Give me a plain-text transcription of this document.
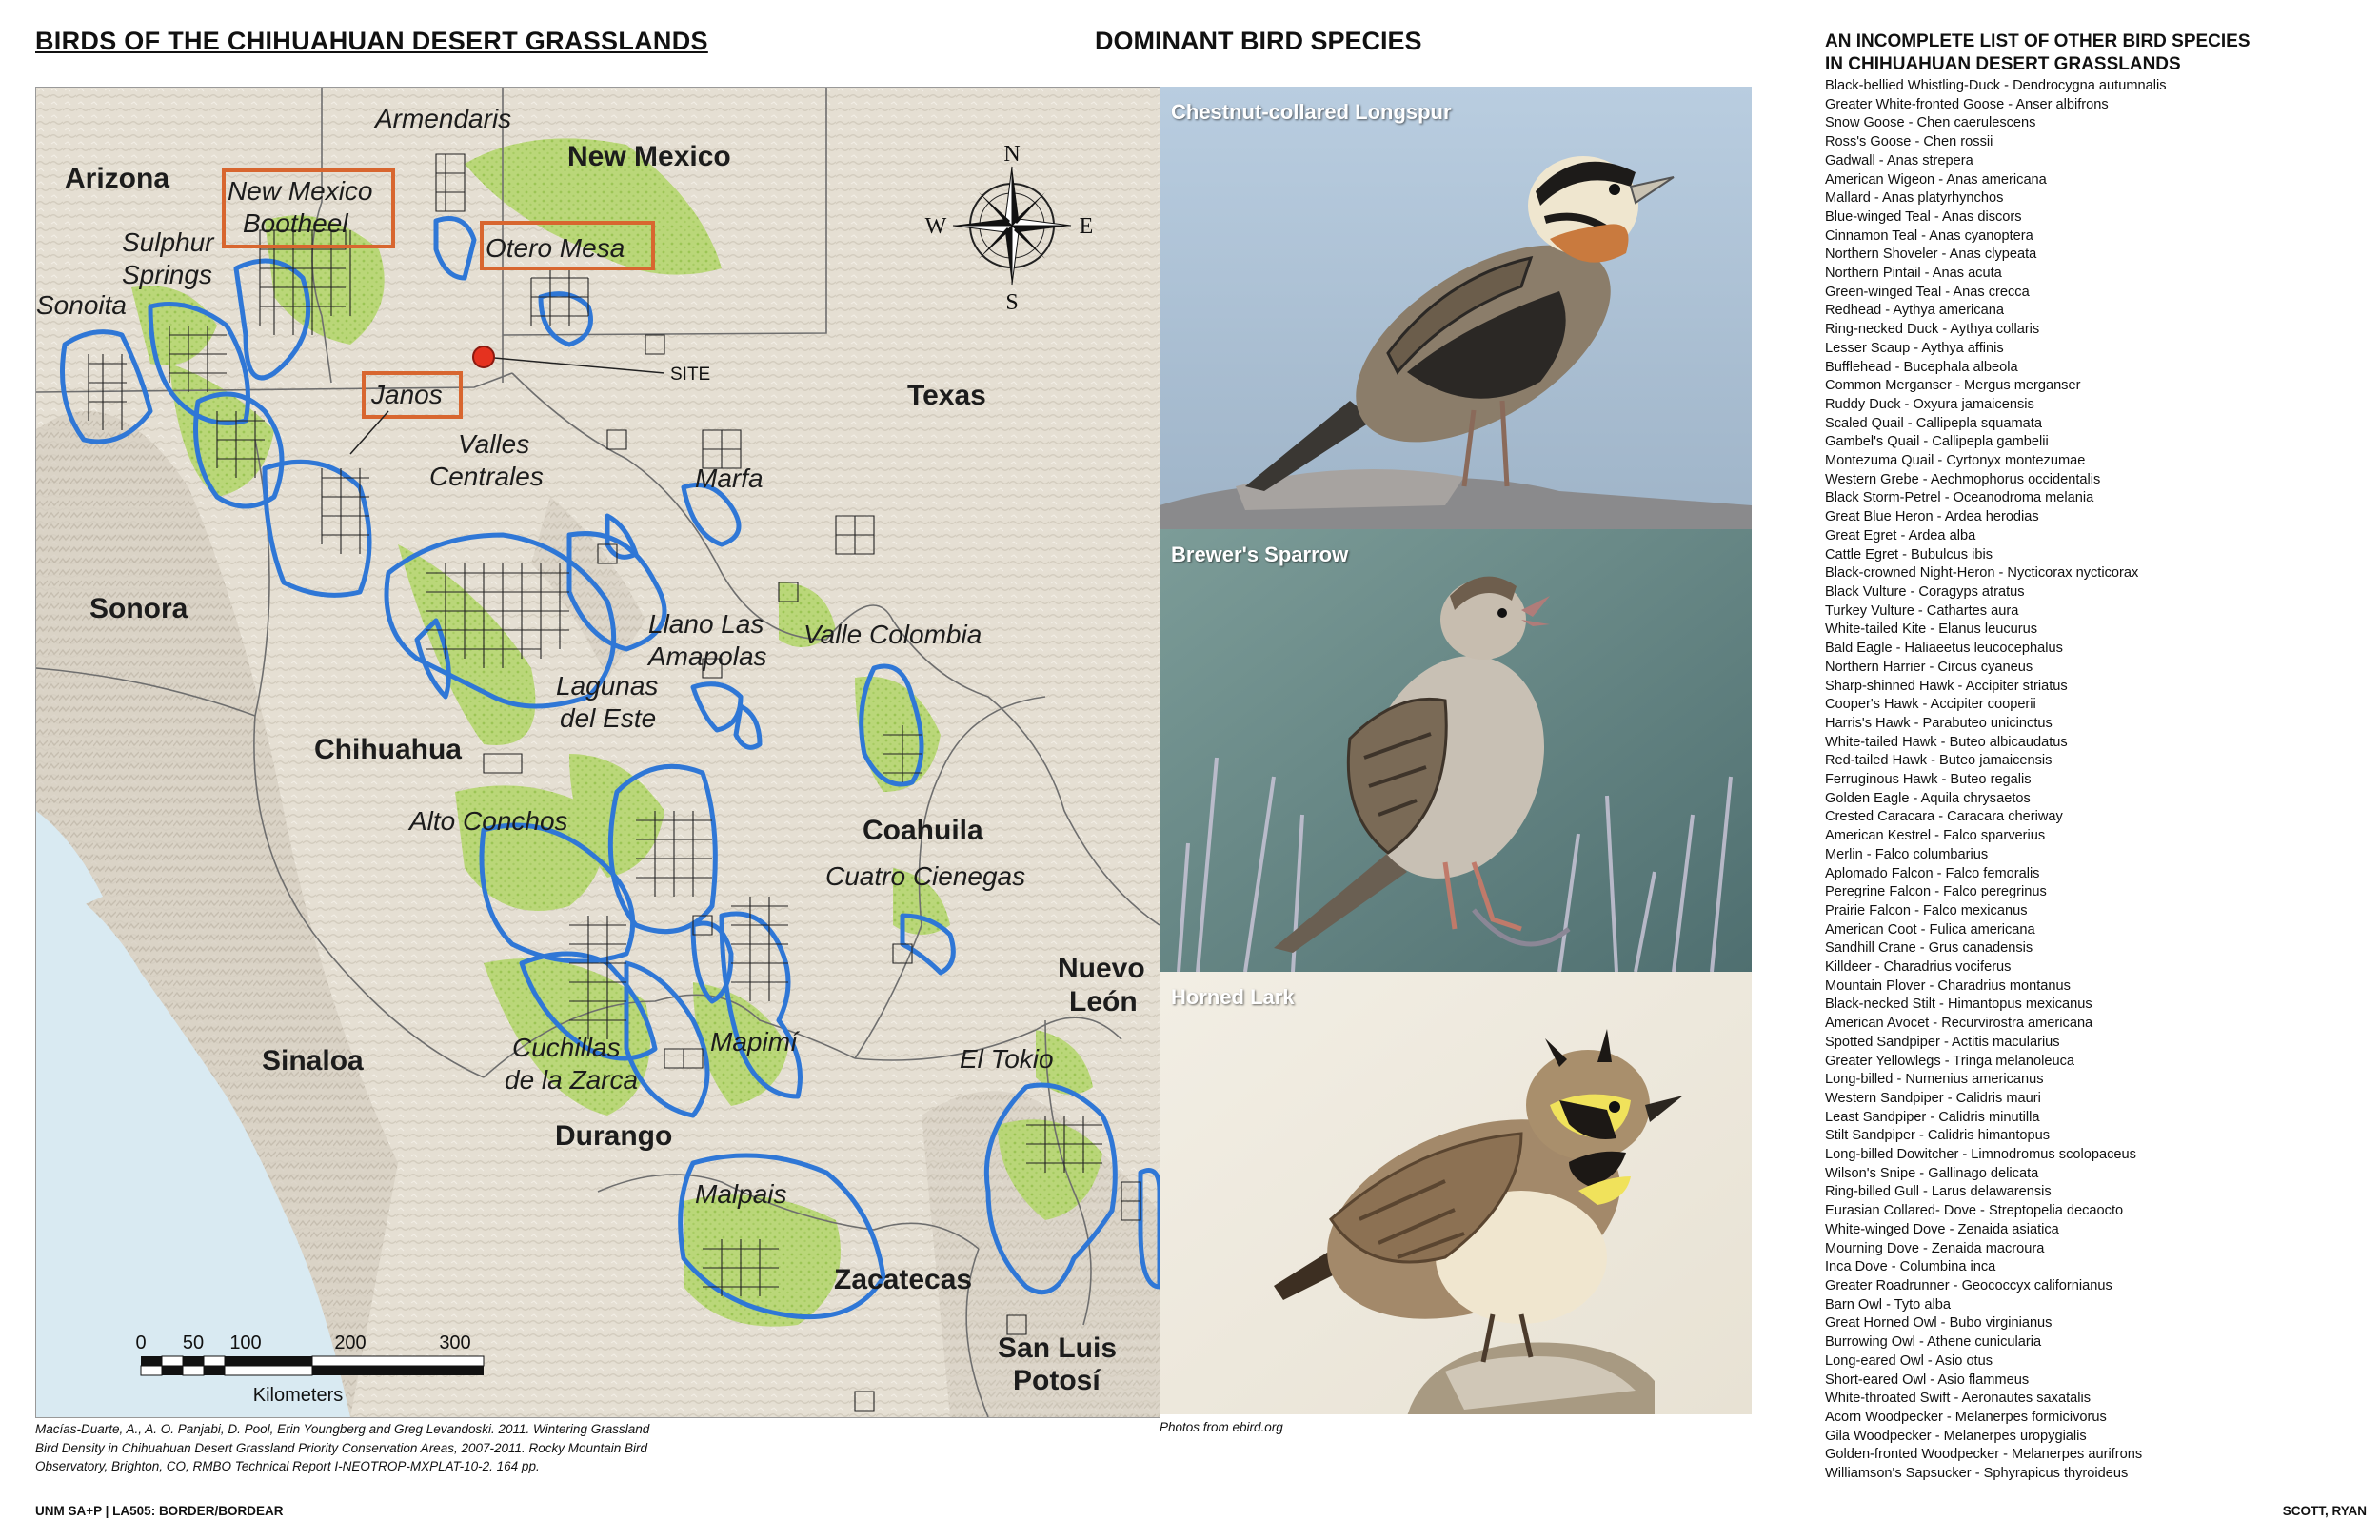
BIRDS OF THE CHIHUAHUAN DESERT GRASSLANDS	DOMINANT BIRD SPECIES
SITE
Arizona
New Mexico
Texas
Sonora
Chihuahua
Coahuila
Nuevo
León
Sinaloa
Durango
Zacatecas
San Luis
Potosí
Armendaris
New Mexico
Bootheel
Otero Mesa
Sulphur
Springs
Sonoita
Janos
Valles
Centrales	Marfa
Llano Las
Amapolas
Valle Colombia
Lagunas
del Este
Alto Conchos
Cuatro Cienegas
Cuchillas
de la Zarca
Mapimí
El Tokio
Malpais
N
S
E
W
0 50 100	200	300
Kilometers
Chestnut-collared Longspur
Brewer's Sparrow
Horned Lark
Macías-Duarte, A., A. O. Panjabi, D. Pool, Erin Youngberg and Greg Levandoski. 2011. Wintering Grassland
Bird Density in Chihuahuan Desert Grassland Priority Conservation Areas, 2007-2011. Rocky Mountain Bird
Observatory, Brighton, CO, RMBO Technical Report I-NEOTROP-MXPLAT-10-2. 164 pp.
Photos from ebird.org
AN INCOMPLETE LIST OF OTHER BIRD SPECIES
IN CHIHUAHUAN DESERT GRASSLANDS
Black-bellied Whistling-Duck - Dendrocygna autumnalis
Greater White-fronted Goose - Anser albifrons
Snow Goose - Chen caerulescens
Ross's Goose - Chen rossii
Gadwall - Anas strepera
American Wigeon - Anas americana
Mallard - Anas platyrhynchos
Blue-winged Teal - Anas discors
Cinnamon Teal - Anas cyanoptera
Northern Shoveler - Anas clypeata
Northern Pintail - Anas acuta
Green-winged Teal - Anas crecca
Redhead - Aythya americana
Ring-necked Duck - Aythya collaris
Lesser Scaup - Aythya affinis
Bufflehead - Bucephala albeola
Common Merganser - Mergus merganser
Ruddy Duck - Oxyura jamaicensis
Scaled Quail - Callipepla squamata
Gambel's Quail - Callipepla gambelii
Montezuma Quail - Cyrtonyx montezumae
Western Grebe - Aechmophorus occidentalis
Black Storm-Petrel - Oceanodroma melania
Great Blue Heron - Ardea herodias
Great Egret - Ardea alba
Cattle Egret - Bubulcus ibis
Black-crowned Night-Heron - Nycticorax nycticorax
Black Vulture - Coragyps atratus
Turkey Vulture - Cathartes aura
White-tailed Kite - Elanus leucurus
Bald Eagle - Haliaeetus leucocephalus
Northern Harrier - Circus cyaneus
Sharp-shinned Hawk - Accipiter striatus
Cooper's Hawk - Accipiter cooperii
Harris's Hawk - Parabuteo unicinctus
White-tailed Hawk - Buteo albicaudatus
Red-tailed Hawk - Buteo jamaicensis
Ferruginous Hawk - Buteo regalis
Golden Eagle - Aquila chrysaetos
Crested Caracara - Caracara cheriway
American Kestrel - Falco sparverius
Merlin - Falco columbarius
Aplomado Falcon - Falco femoralis
Peregrine Falcon - Falco peregrinus
Prairie Falcon - Falco mexicanus
American Coot - Fulica americana
Sandhill Crane - Grus canadensis
Killdeer - Charadrius vociferus
Mountain Plover - Charadrius montanus
Black-necked Stilt - Himantopus mexicanus
American Avocet - Recurvirostra americana
Spotted Sandpiper - Actitis macularius
Greater Yellowlegs - Tringa melanoleuca
Long-billed - Numenius americanus
Western Sandpiper - Calidris mauri
Least Sandpiper - Calidris minutilla
Stilt Sandpiper - Calidris himantopus
Long-billed Dowitcher - Limnodromus scolopaceus
Wilson's Snipe - Gallinago delicata
Ring-billed Gull - Larus delawarensis
Eurasian Collared- Dove - Streptopelia decaocto
White-winged Dove - Zenaida asiatica
Mourning Dove - Zenaida macroura
Inca Dove - Columbina inca
Greater Roadrunner - Geococcyx californianus
Barn Owl - Tyto alba
Great Horned Owl - Bubo virginianus
Burrowing Owl - Athene cunicularia
Long-eared Owl - Asio otus
Short-eared Owl - Asio flammeus
White-throated Swift - Aeronautes saxatalis
Acorn Woodpecker - Melanerpes formicivorus
Gila Woodpecker - Melanerpes uropygialis
Golden-fronted Woodpecker - Melanerpes aurifrons
Williamson's Sapsucker - Sphyrapicus thyroideus
UNM SA+P | LA505: BORDER/BORDEAR	SCOTT, RYAN
